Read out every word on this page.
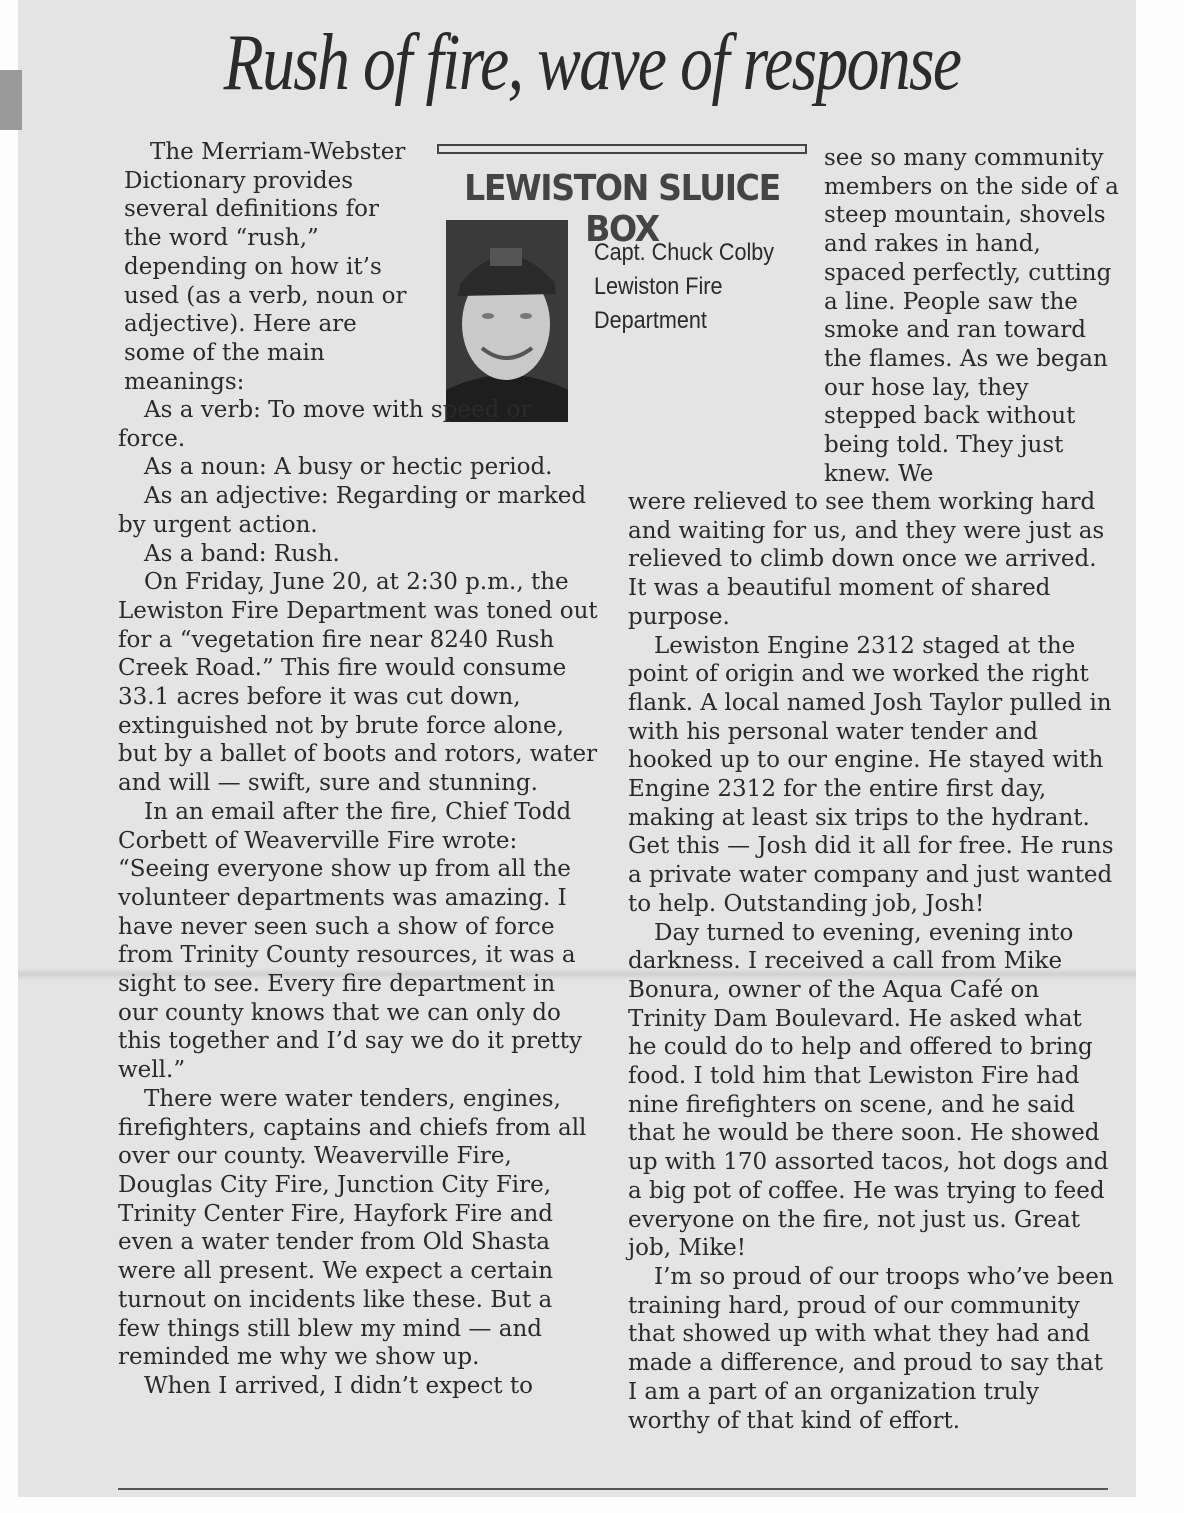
Rush of fire, wave of response

The Merriam-Webster Dictionary provides several definitions for the word “rush,” depending on how it’s used (as a verb, noun or adjective). Here are some of the main meanings:

LEWISTON SLUICE BOX
Capt. Chuck Colby
Lewiston Fire
Department

As a verb: To move with speed or force.

As a noun: A busy or hectic period.

As an adjective: Regarding or marked by urgent action.

As a band: Rush.

On Friday, June 20, at 2:30 p.m., the Lewiston Fire Department was toned out for a “vegetation fire near 8240 Rush Creek Road.” This fire would consume 33.1 acres before it was cut down, extinguished not by brute force alone, but by a ballet of boots and rotors, water and will — swift, sure and stunning.

In an email after the fire, Chief Todd Corbett of Weaverville Fire wrote: “Seeing everyone show up from all the volunteer departments was amazing. I have never seen such a show of force from Trinity County resources, it was a sight to see. Every fire department in our county knows that we can only do this together and I’d say we do it pretty well.”

There were water tenders, engines, firefighters, captains and chiefs from all over our county. Weaverville Fire, Douglas City Fire, Junction City Fire, Trinity Center Fire, Hayfork Fire and even a water tender from Old Shasta were all present. We expect a certain turnout on incidents like these. But a few things still blew my mind — and reminded me why we show up.

When I arrived, I didn’t expect to

see so many community members on the side of a steep mountain, shovels and rakes in hand, spaced perfectly, cutting a line. People saw the smoke and ran toward the flames. As we began our hose lay, they stepped back without being told. They just knew. We

were relieved to see them working hard and waiting for us, and they were just as relieved to climb down once we arrived. It was a beautiful moment of shared purpose.

Lewiston Engine 2312 staged at the point of origin and we worked the right flank. A local named Josh Taylor pulled in with his personal water tender and hooked up to our engine. He stayed with Engine 2312 for the entire first day, making at least six trips to the hydrant. Get this — Josh did it all for free. He runs a private water company and just wanted to help. Outstanding job, Josh!

Day turned to evening, evening into darkness. I received a call from Mike Bonura, owner of the Aqua Café on Trinity Dam Boulevard. He asked what he could do to help and offered to bring food. I told him that Lewiston Fire had nine firefighters on scene, and he said that he would be there soon. He showed up with 170 assorted tacos, hot dogs and a big pot of coffee. He was trying to feed everyone on the fire, not just us. Great job, Mike!

I’m so proud of our troops who’ve been training hard, proud of our community that showed up with what they had and made a difference, and proud to say that I am a part of an organization truly worthy of that kind of effort.
